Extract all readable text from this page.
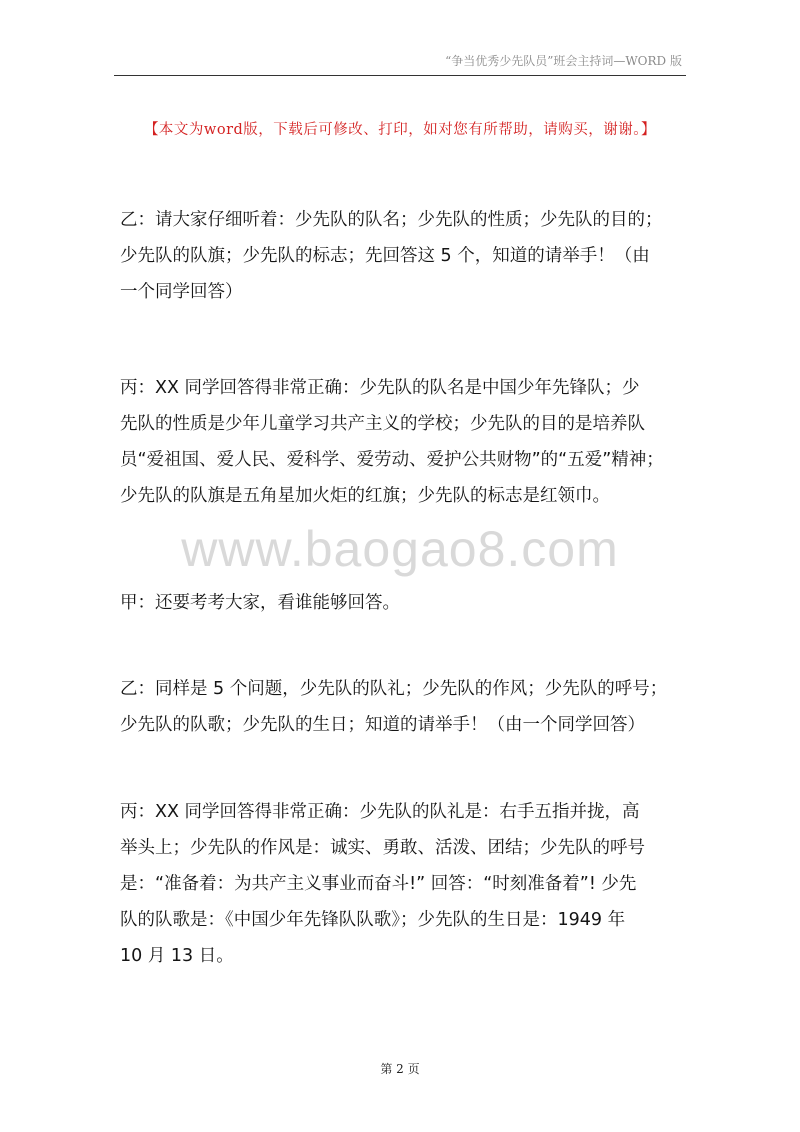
“争当优秀少先队员”班会主持词—WORD 版
【本文为word版，下载后可修改、打印，如对您有所帮助，请购买，谢谢。】

乙：请大家仔细听着：少先队的队名；少先队的性质；少先队的目的；
少先队的队旗；少先队的标志；先回答这 5 个，知道的请举手！（由
一个同学回答）

丙：XX 同学回答得非常正确：少先队的队名是中国少年先锋队；少
先队的性质是少年儿童学习共产主义的学校；少先队的目的是培养队
员“爱祖国、爱人民、爱科学、爱劳动、爱护公共财物”的“五爱”精神；
少先队的队旗是五角星加火炬的红旗；少先队的标志是红领巾。

www.baogao8.com

甲：还要考考大家，看谁能够回答。

乙：同样是 5 个问题，少先队的队礼；少先队的作风；少先队的呼号；
少先队的队歌；少先队的生日；知道的请举手！（由一个同学回答）

丙：XX 同学回答得非常正确：少先队的队礼是：右手五指并拢，高
举头上；少先队的作风是：诚实、勇敢、活泼、团结；少先队的呼号
是：“准备着：为共产主义事业而奋斗!” 回答：“时刻准备着”! 少先
队的队歌是：《中国少年先锋队队歌》；少先队的生日是：1949 年
10 月 13 日。

第 2 页
